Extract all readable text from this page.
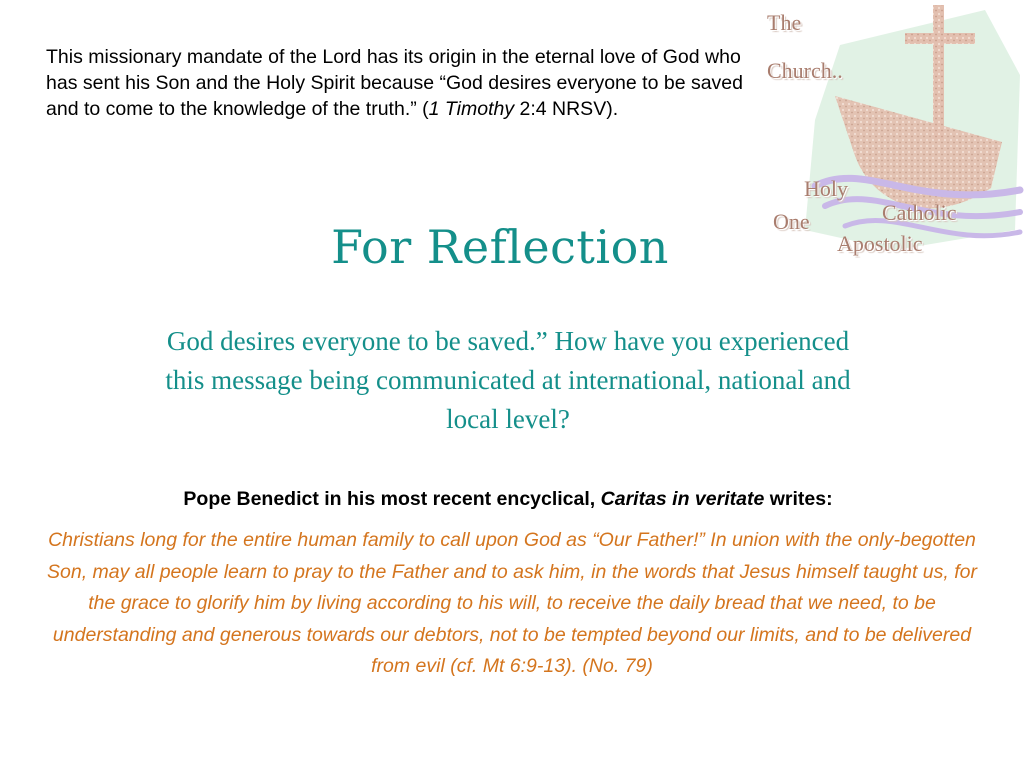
This missionary mandate of the Lord has its origin in the eternal love of God who has sent his Son and the Holy Spirit because “God desires everyone to be saved and to come to the knowledge of the truth.” (1 Timothy 2:4 NRSV).
The
Church..
Holy
One	Catholic
Apostolic
For Reflection
God desires everyone to be saved.” How have you experienced this message being communicated at international, national and local level?
Pope Benedict in his most recent encyclical, Caritas in veritate writes:
Christians long for the entire human family to call upon God as “Our Father!” In union with the only-begotten Son, may all people learn to pray to the Father and to ask him, in the words that Jesus himself taught us, for the grace to glorify him by living according to his will, to receive the daily bread that we need, to be understanding and generous towards our debtors, not to be tempted beyond our limits, and to be delivered from evil (cf. Mt 6:9-13). (No. 79)
